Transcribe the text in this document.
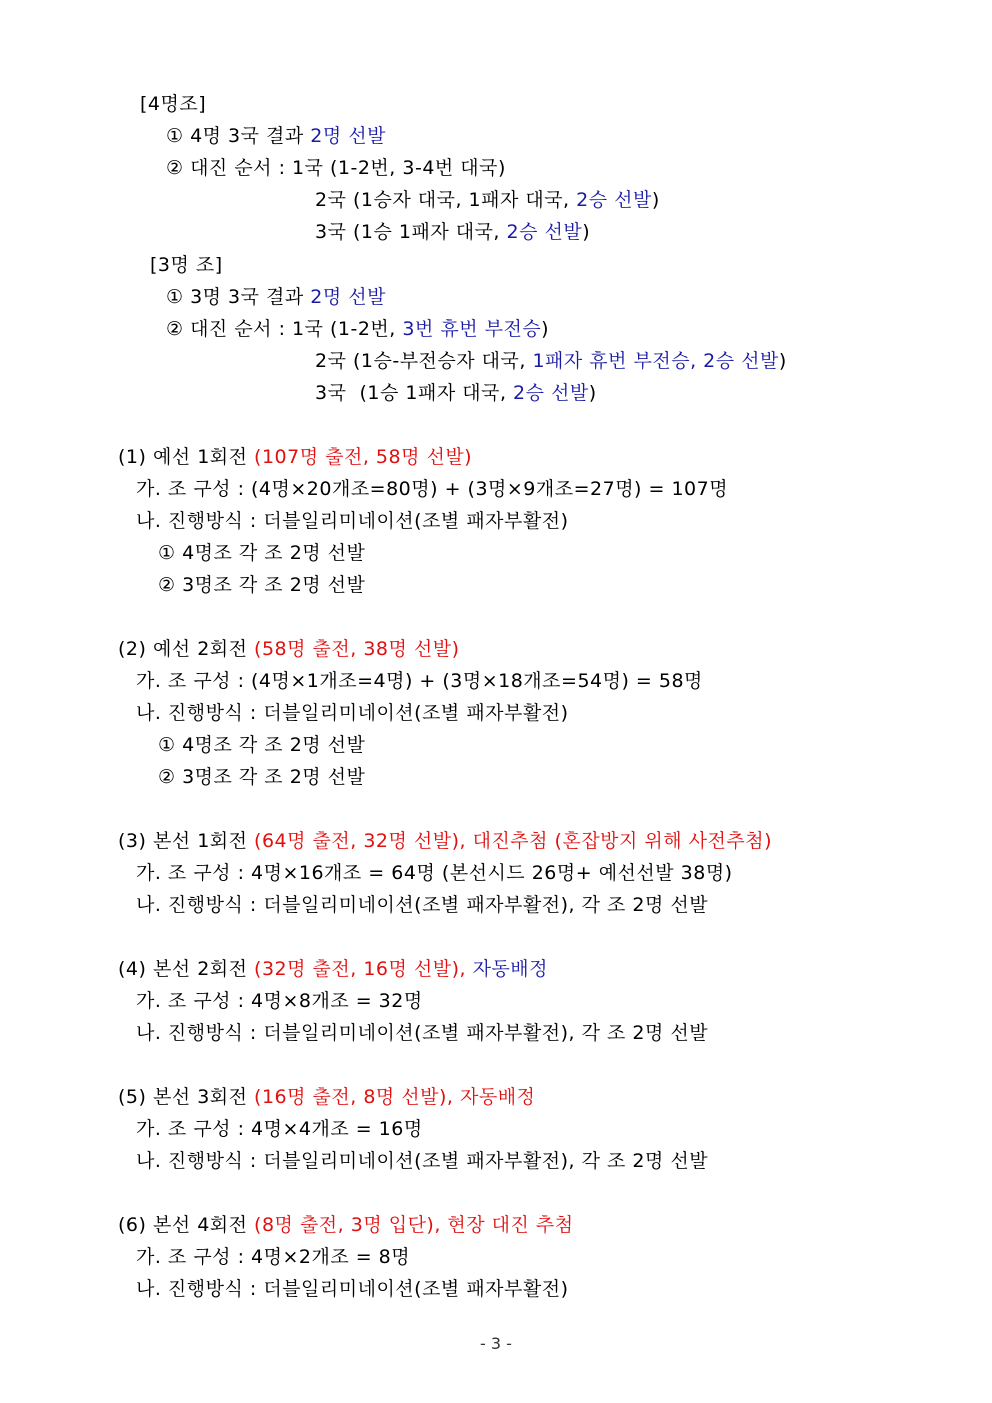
[4명조]
① 4명 3국 결과 2명 선발
② 대진 순서 : 1국 (1-2번, 3-4번 대국)
2국 (1승자 대국, 1패자 대국, 2승 선발)
3국 (1승 1패자 대국, 2승 선발)
[3명 조]
① 3명 3국 결과 2명 선발
② 대진 순서 : 1국 (1-2번, 3번 휴번 부전승)
2국 (1승-부전승자 대국, 1패자 휴번 부전승, 2승 선발)
3국  (1승 1패자 대국, 2승 선발)
(1) 예선 1회전 (107명 출전, 58명 선발)
가. 조 구성 : (4명×20개조=80명) + (3명×9개조=27명) = 107명
나. 진행방식 : 더블일리미네이션(조별 패자부활전)
① 4명조 각 조 2명 선발
② 3명조 각 조 2명 선발
(2) 예선 2회전 (58명 출전, 38명 선발)
가. 조 구성 : (4명×1개조=4명) + (3명×18개조=54명) = 58명
나. 진행방식 : 더블일리미네이션(조별 패자부활전)
① 4명조 각 조 2명 선발
② 3명조 각 조 2명 선발
(3) 본선 1회전 (64명 출전, 32명 선발), 대진추첨 (혼잡방지 위해 사전추첨)
가. 조 구성 : 4명×16개조 = 64명 (본선시드 26명+ 예선선발 38명)
나. 진행방식 : 더블일리미네이션(조별 패자부활전), 각 조 2명 선발
(4) 본선 2회전 (32명 출전, 16명 선발), 자동배정
가. 조 구성 : 4명×8개조 = 32명
나. 진행방식 : 더블일리미네이션(조별 패자부활전), 각 조 2명 선발
(5) 본선 3회전 (16명 출전, 8명 선발), 자동배정
가. 조 구성 : 4명×4개조 = 16명
나. 진행방식 : 더블일리미네이션(조별 패자부활전), 각 조 2명 선발
(6) 본선 4회전 (8명 출전, 3명 입단), 현장 대진 추첨
가. 조 구성 : 4명×2개조 = 8명
나. 진행방식 : 더블일리미네이션(조별 패자부활전)
- 3 -
